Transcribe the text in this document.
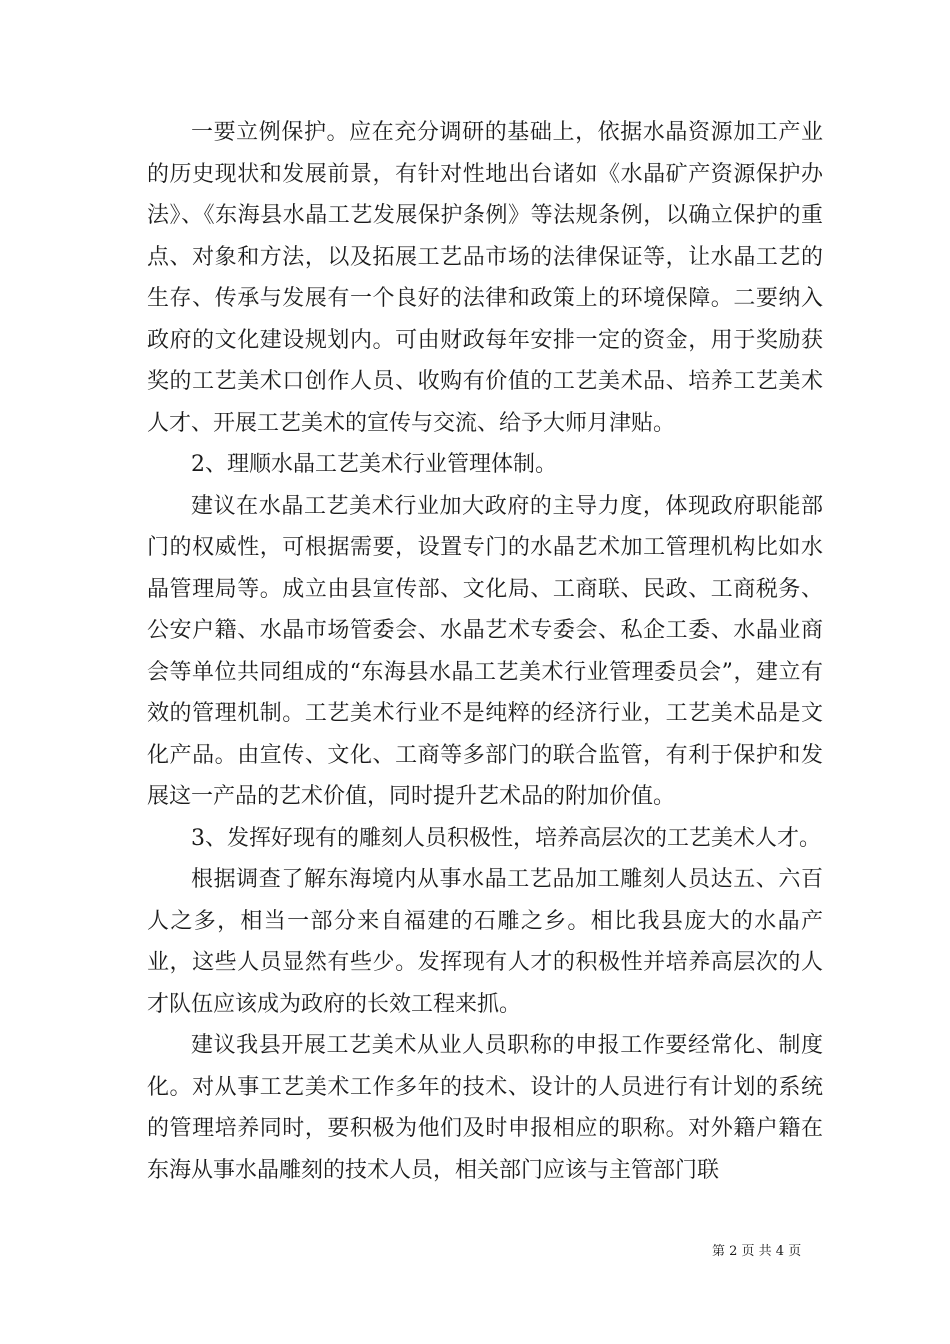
一要立例保护。应在充分调研的基础上，依据水晶资源加工产业的历史现状和发展前景，有针对性地出台诸如《水晶矿产资源保护办法》、《东海县水晶工艺发展保护条例》等法规条例，以确立保护的重点、对象和方法，以及拓展工艺品市场的法律保证等，让水晶工艺的生存、传承与发展有一个良好的法律和政策上的环境保障。二要纳入政府的文化建设规划内。可由财政每年安排一定的资金，用于奖励获奖的工艺美术口创作人员、收购有价值的工艺美术品、培养工艺美术人才、开展工艺美术的宣传与交流、给予大师月津贴。

2、理顺水晶工艺美术行业管理体制。

建议在水晶工艺美术行业加大政府的主导力度，体现政府职能部门的权威性，可根据需要，设置专门的水晶艺术加工管理机构比如水晶管理局等。成立由县宣传部、文化局、工商联、民政、工商税务、公安户籍、水晶市场管委会、水晶艺术专委会、私企工委、水晶业商会等单位共同组成的“东海县水晶工艺美术行业管理委员会”，建立有效的管理机制。工艺美术行业不是纯粹的经济行业，工艺美术品是文化产品。由宣传、文化、工商等多部门的联合监管，有利于保护和发展这一产品的艺术价值，同时提升艺术品的附加价值。

3、发挥好现有的雕刻人员积极性，培养高层次的工艺美术人才。

根据调查了解东海境内从事水晶工艺品加工雕刻人员达五、六百人之多，相当一部分来自福建的石雕之乡。相比我县庞大的水晶产业，这些人员显然有些少。发挥现有人才的积极性并培养高层次的人才队伍应该成为政府的长效工程来抓。

建议我县开展工艺美术从业人员职称的申报工作要经常化、制度化。对从事工艺美术工作多年的技术、设计的人员进行有计划的系统的管理培养同时，要积极为他们及时申报相应的职称。对外籍户籍在东海从事水晶雕刻的技术人员，相关部门应该与主管部门联

第 2 页 共 4 页
